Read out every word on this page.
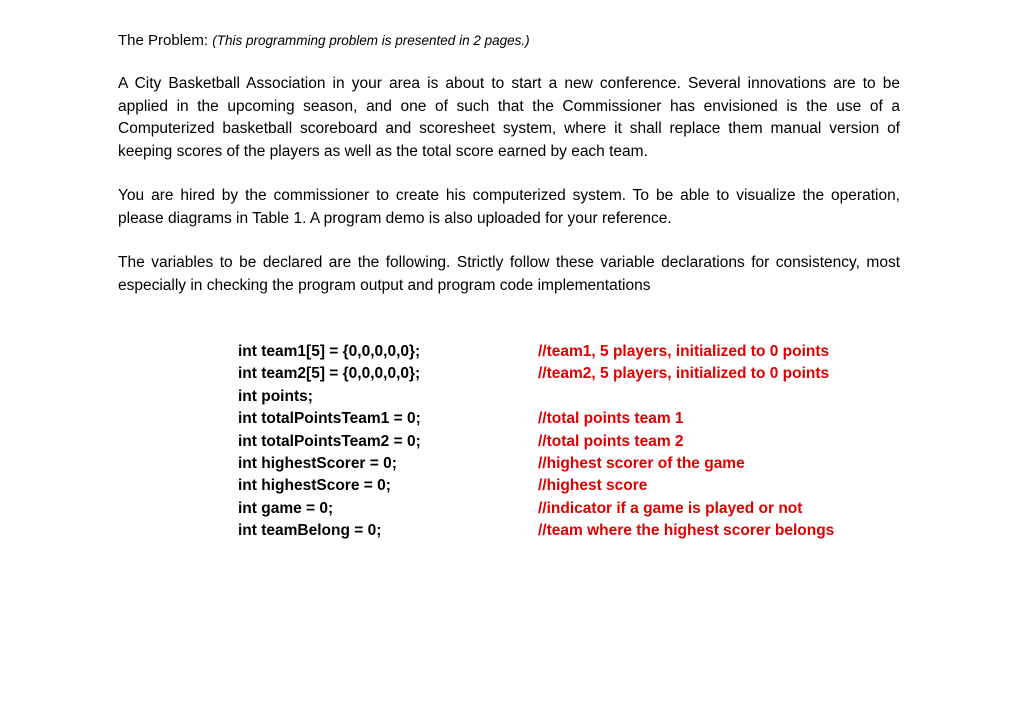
The Problem: (This programming problem is presented in 2 pages.)

A City Basketball Association in your area is about to start a new conference. Several innovations are to be applied in the upcoming season, and one of such that the Commissioner has envisioned is the use of a Computerized basketball scoreboard and scoresheet system, where it shall replace them manual version of keeping scores of the players as well as the total score earned by each team.

You are hired by the commissioner to create his computerized system. To be able to visualize the operation, please diagrams in Table 1. A program demo is also uploaded for your reference.

The variables to be declared are the following. Strictly follow these variable declarations for consistency, most especially in checking the program output and program code implementations

int team1[5] = {0,0,0,0,0};	//team1, 5 players, initialized to 0 points
int team2[5] = {0,0,0,0,0};	//team2, 5 players, initialized to 0 points
int points;
int totalPointsTeam1 = 0;	//total points team 1
int totalPointsTeam2 = 0;	//total points team 2
int highestScorer = 0;	//highest scorer of the game
int highestScore = 0;	//highest score
int game = 0;	//indicator if a game is played or not
int teamBelong = 0;	//team where the highest scorer belongs
